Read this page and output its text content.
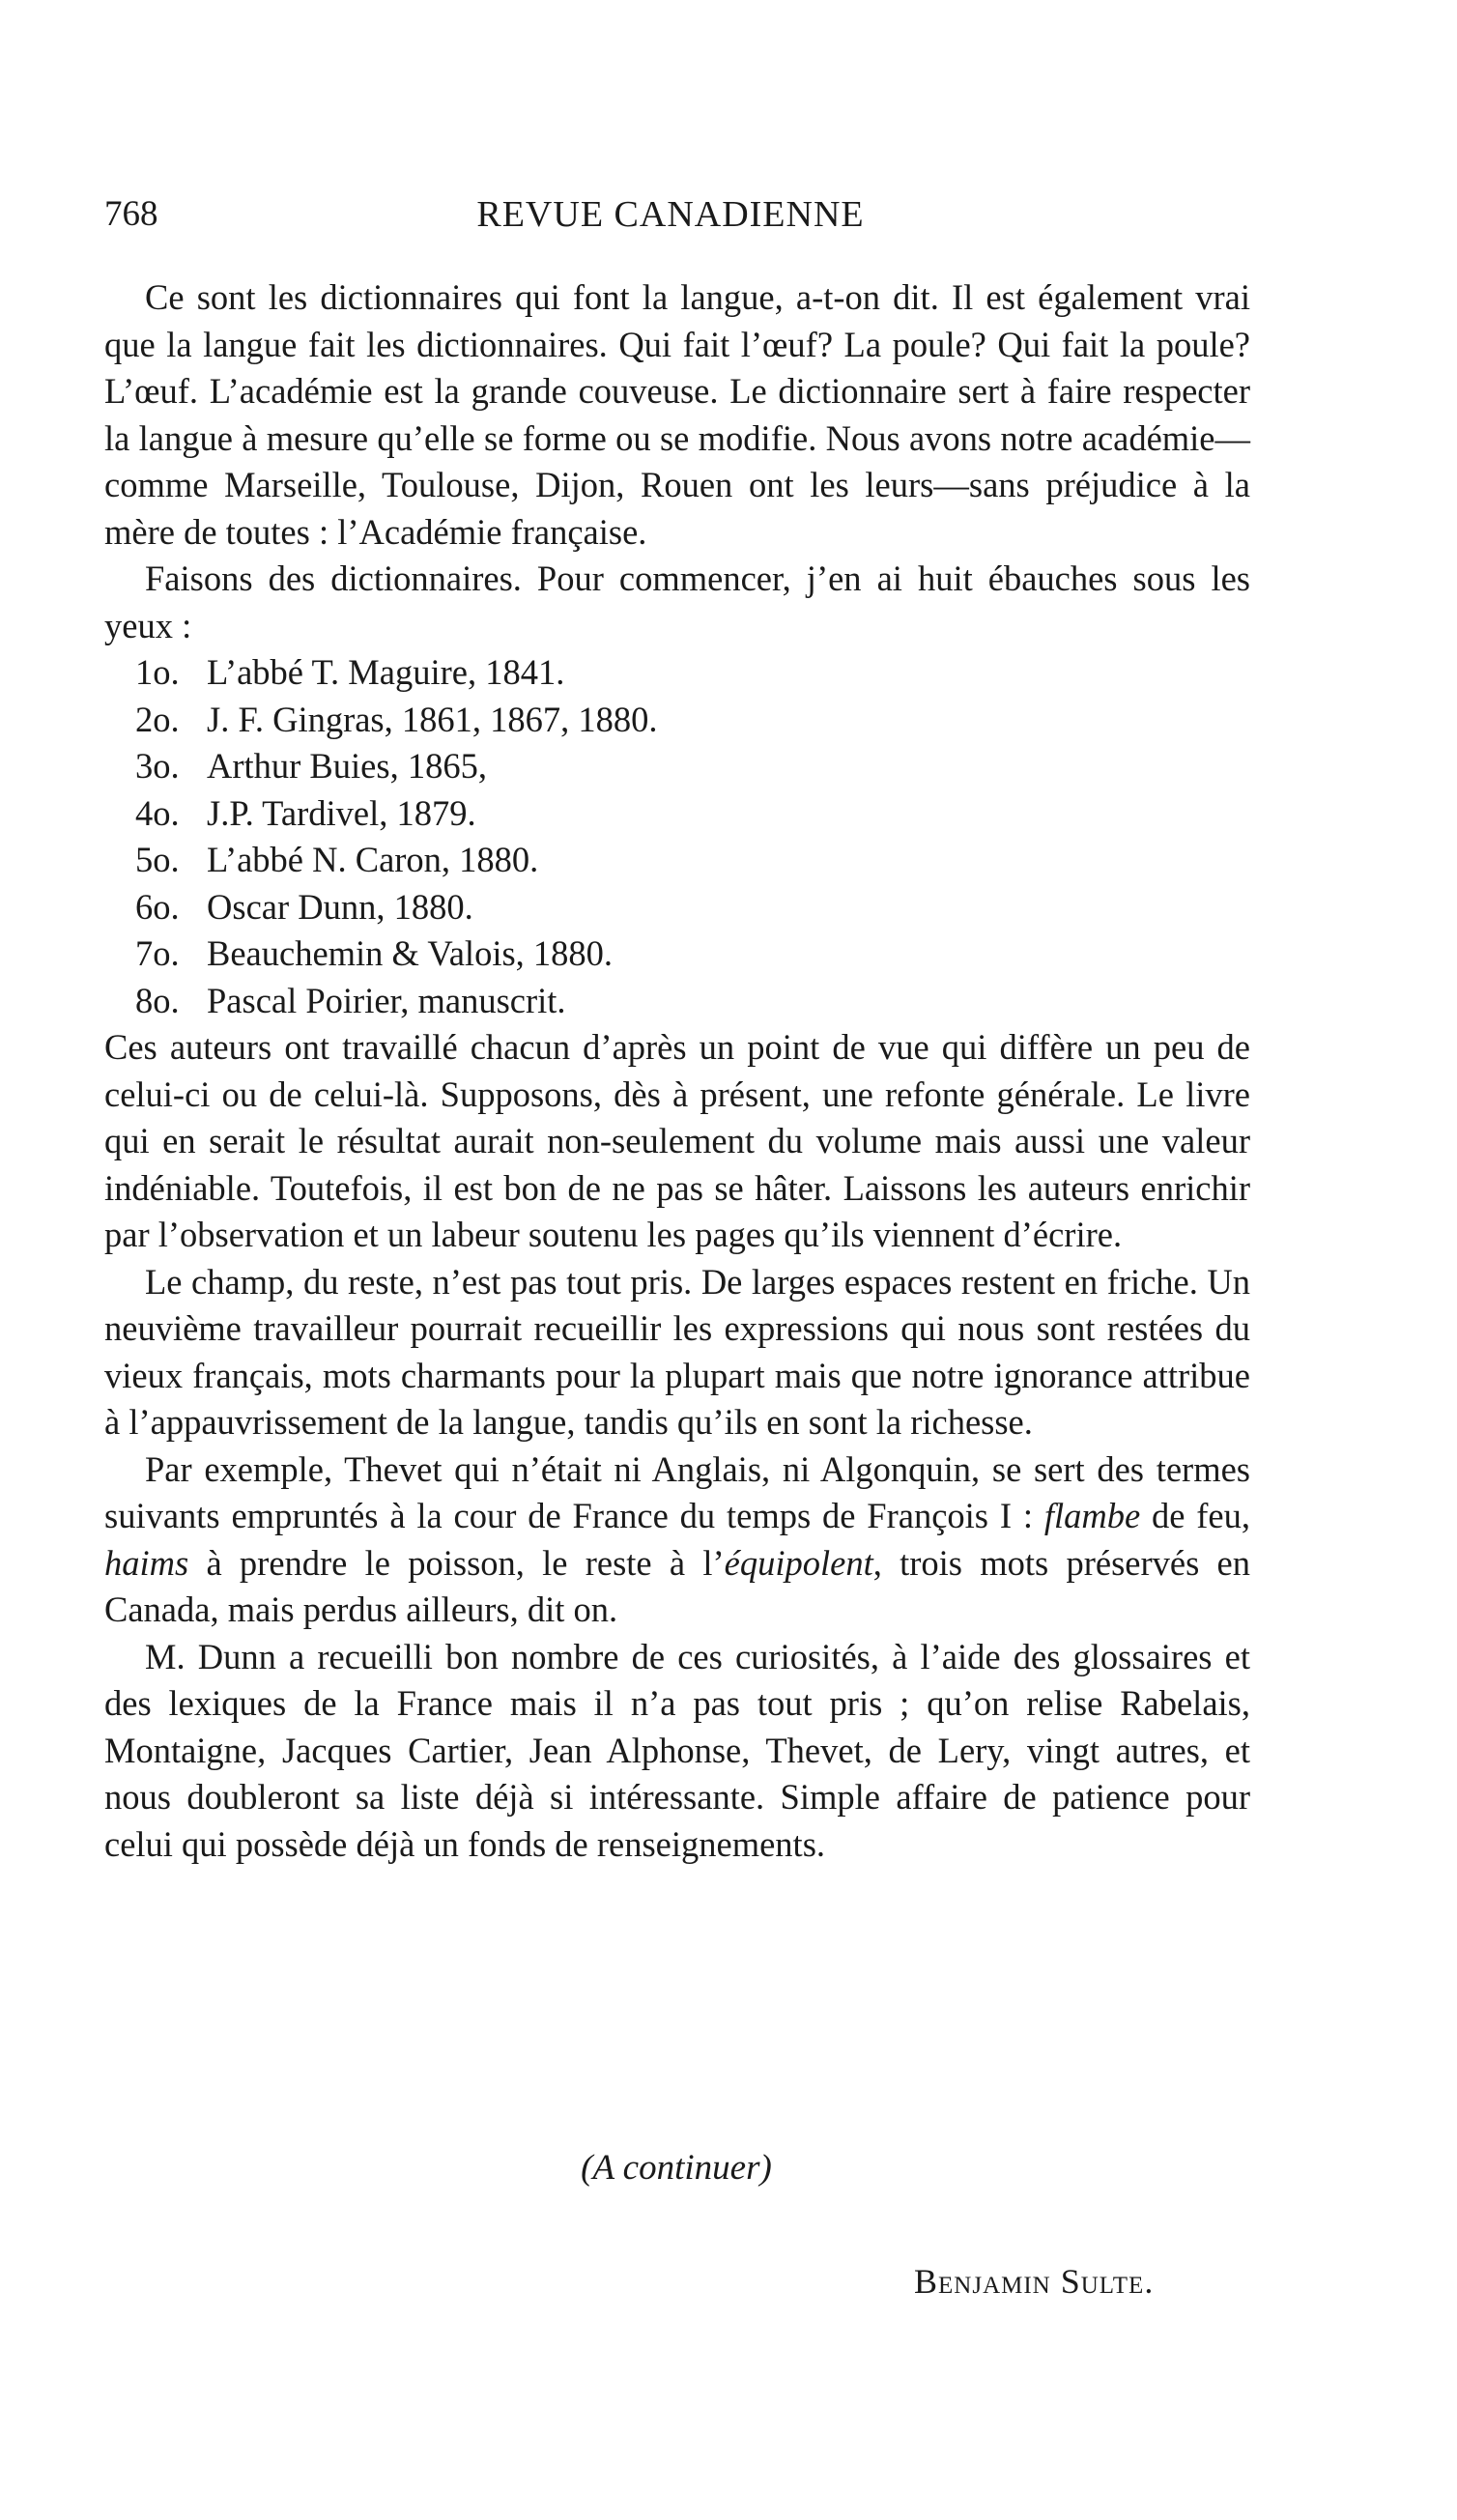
768	REVUE CANADIENNE

Ce sont les dictionnaires qui font la langue, a-t-on dit. Il est également vrai que la langue fait les dictionnaires. Qui fait l’œuf? La poule? Qui fait la poule? L’œuf. L’académie est la grande couveuse. Le dictionnaire sert à faire respecter la langue à mesure qu’elle se forme ou se modifie. Nous avons notre académie—comme Marseille, Toulouse, Dijon, Rouen ont les leurs—sans préjudice à la mère de toutes : l’Académie française.

Faisons des dictionnaires. Pour commencer, j’en ai huit ébauches sous les yeux :

1o. L’abbé T. Maguire, 1841.
2o. J. F. Gingras, 1861, 1867, 1880.
3o. Arthur Buies, 1865,
4o. J.P. Tardivel, 1879.
5o. L’abbé N. Caron, 1880.
6o. Oscar Dunn, 1880.
7o. Beauchemin & Valois, 1880.
8o. Pascal Poirier, manuscrit.

Ces auteurs ont travaillé chacun d’après un point de vue qui diffère un peu de celui-ci ou de celui-là. Supposons, dès à présent, une refonte générale. Le livre qui en serait le résultat aurait non-seulement du volume mais aussi une valeur indéniable. Toutefois, il est bon de ne pas se hâter. Laissons les auteurs enrichir par l’observation et un labeur soutenu les pages qu’ils viennent d’écrire.

Le champ, du reste, n’est pas tout pris. De larges espaces restent en friche. Un neuvième travailleur pourrait recueillir les expressions qui nous sont restées du vieux français, mots charmants pour la plupart mais que notre ignorance attribue à l’appauvrissement de la langue, tandis qu’ils en sont la richesse.

Par exemple, Thevet qui n’était ni Anglais, ni Algonquin, se sert des termes suivants empruntés à la cour de France du temps de François I : flambe de feu, haims à prendre le poisson, le reste à l’équipolent, trois mots préservés en Canada, mais perdus ailleurs, dit on.

M. Dunn a recueilli bon nombre de ces curiosités, à l’aide des glossaires et des lexiques de la France mais il n’a pas tout pris ; qu’on relise Rabelais, Montaigne, Jacques Cartier, Jean Alphonse, Thevet, de Lery, vingt autres, et nous doubleront sa liste déjà si intéressante. Simple affaire de patience pour celui qui possède déjà un fonds de renseignements.

(A continuer)
Benjamin Sulte.
